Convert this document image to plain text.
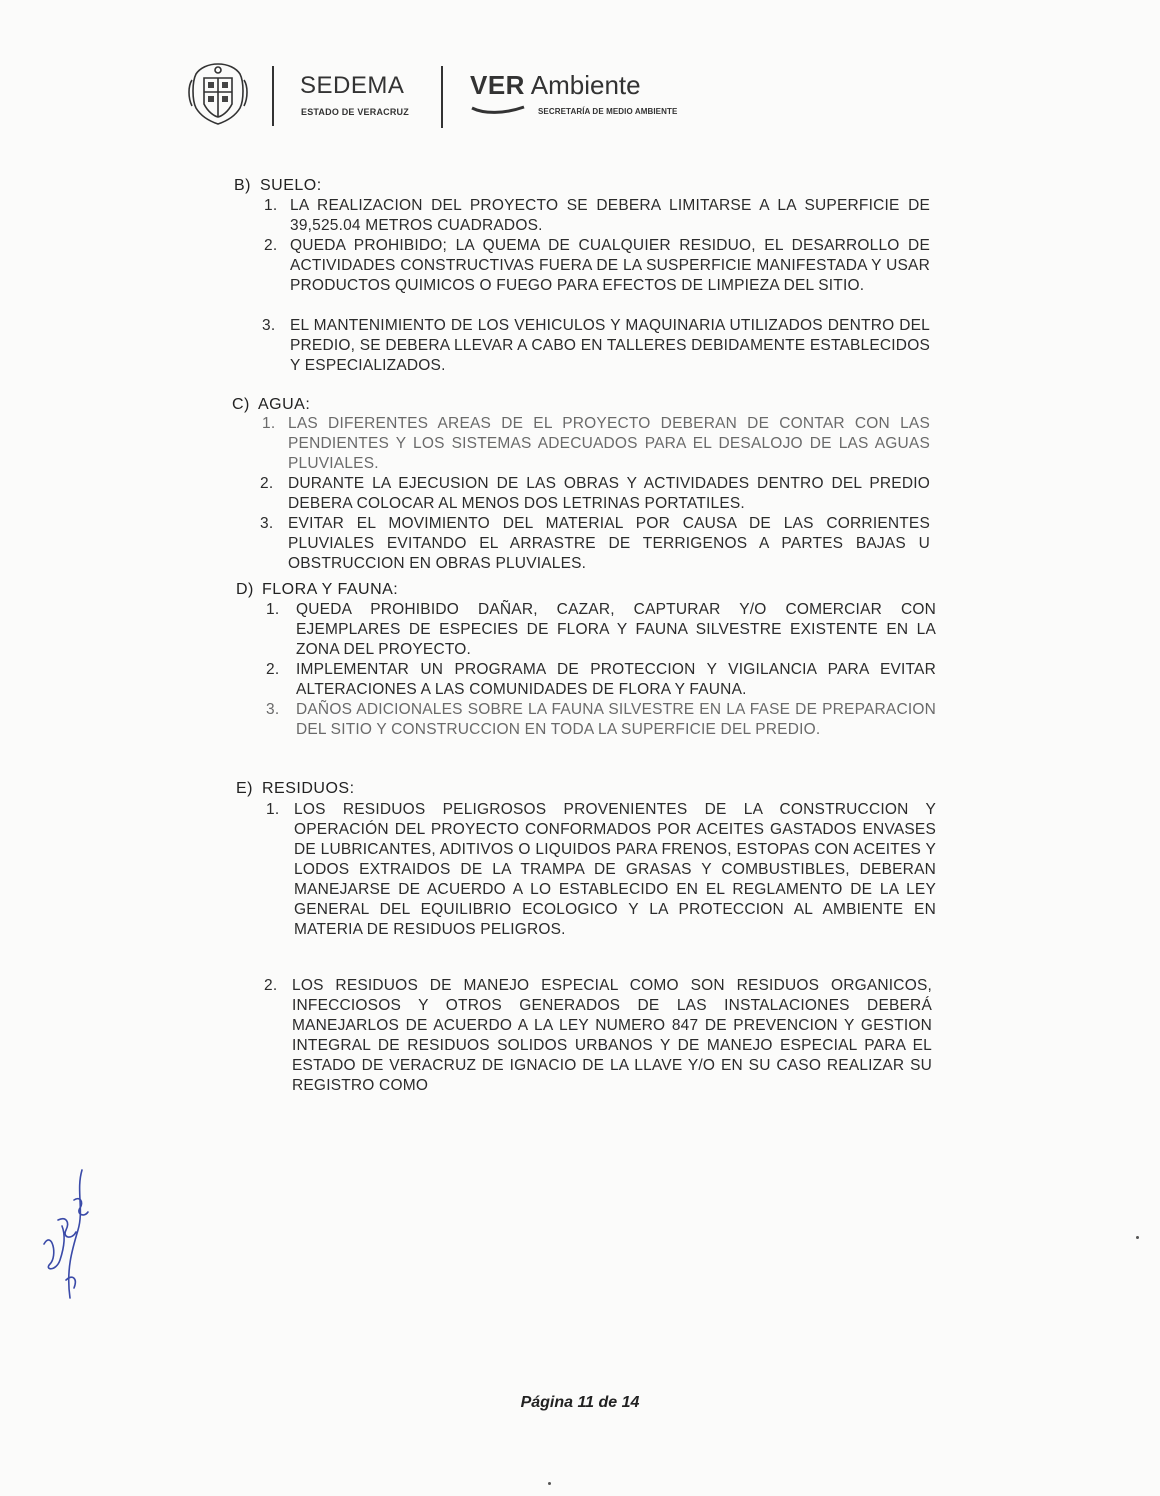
SEDEMA
ESTADO DE VERACRUZ
VER Ambiente
SECRETARÍA DE MEDIO AMBIENTE
B) SUELO:
1. LA REALIZACION DEL PROYECTO SE DEBERA LIMITARSE A LA SUPERFICIE DE 39,525.04 METROS CUADRADOS.
2. QUEDA PROHIBIDO; LA QUEMA DE CUALQUIER RESIDUO, EL DESARROLLO DE ACTIVIDADES CONSTRUCTIVAS FUERA DE LA SUSPERFICIE MANIFESTADA Y USAR PRODUCTOS QUIMICOS O FUEGO PARA EFECTOS DE LIMPIEZA DEL SITIO.
3. EL MANTENIMIENTO DE LOS VEHICULOS Y MAQUINARIA UTILIZADOS DENTRO DEL PREDIO, SE DEBERA LLEVAR A CABO EN TALLERES DEBIDAMENTE ESTABLECIDOS Y ESPECIALIZADOS.
C) AGUA:
1. LAS DIFERENTES AREAS DE EL PROYECTO DEBERAN DE CONTAR CON LAS PENDIENTES Y LOS SISTEMAS ADECUADOS PARA EL DESALOJO DE LAS AGUAS PLUVIALES.
2. DURANTE LA EJECUSION DE LAS OBRAS Y ACTIVIDADES DENTRO DEL PREDIO DEBERA COLOCAR AL MENOS DOS LETRINAS PORTATILES.
3. EVITAR EL MOVIMIENTO DEL MATERIAL POR CAUSA DE LAS CORRIENTES PLUVIALES EVITANDO EL ARRASTRE DE TERRIGENOS A PARTES BAJAS U OBSTRUCCION EN OBRAS PLUVIALES.
D) FLORA Y FAUNA:
1. QUEDA PROHIBIDO DAÑAR, CAZAR, CAPTURAR Y/O COMERCIAR CON EJEMPLARES DE ESPECIES DE FLORA Y FAUNA SILVESTRE EXISTENTE EN LA ZONA DEL PROYECTO.
2. IMPLEMENTAR UN PROGRAMA DE PROTECCION Y VIGILANCIA PARA EVITAR ALTERACIONES A LAS COMUNIDADES DE FLORA Y FAUNA.
3. DAÑOS ADICIONALES SOBRE LA FAUNA SILVESTRE EN LA FASE DE PREPARACION DEL SITIO Y CONSTRUCCION EN TODA LA SUPERFICIE DEL PREDIO.
E) RESIDUOS:
1. LOS RESIDUOS PELIGROSOS PROVENIENTES DE LA CONSTRUCCION Y OPERACIÓN DEL PROYECTO CONFORMADOS POR ACEITES GASTADOS ENVASES DE LUBRICANTES, ADITIVOS O LIQUIDOS PARA FRENOS, ESTOPAS CON ACEITES Y LODOS EXTRAIDOS DE LA TRAMPA DE GRASAS Y COMBUSTIBLES, DEBERAN MANEJARSE DE ACUERDO A LO ESTABLECIDO EN EL REGLAMENTO DE LA LEY GENERAL DEL EQUILIBRIO ECOLOGICO Y LA PROTECCION AL AMBIENTE EN MATERIA DE RESIDUOS PELIGROS.
2. LOS RESIDUOS DE MANEJO ESPECIAL COMO SON RESIDUOS ORGANICOS, INFECCIOSOS Y OTROS GENERADOS DE LAS INSTALACIONES DEBERÁ MANEJARLOS DE ACUERDO A LA LEY NUMERO 847 DE PREVENCION Y GESTION INTEGRAL DE RESIDUOS SOLIDOS URBANOS Y DE MANEJO ESPECIAL PARA EL ESTADO DE VERACRUZ DE IGNACIO DE LA LLAVE Y/O EN SU CASO REALIZAR SU REGISTRO COMO
Página 11 de 14
